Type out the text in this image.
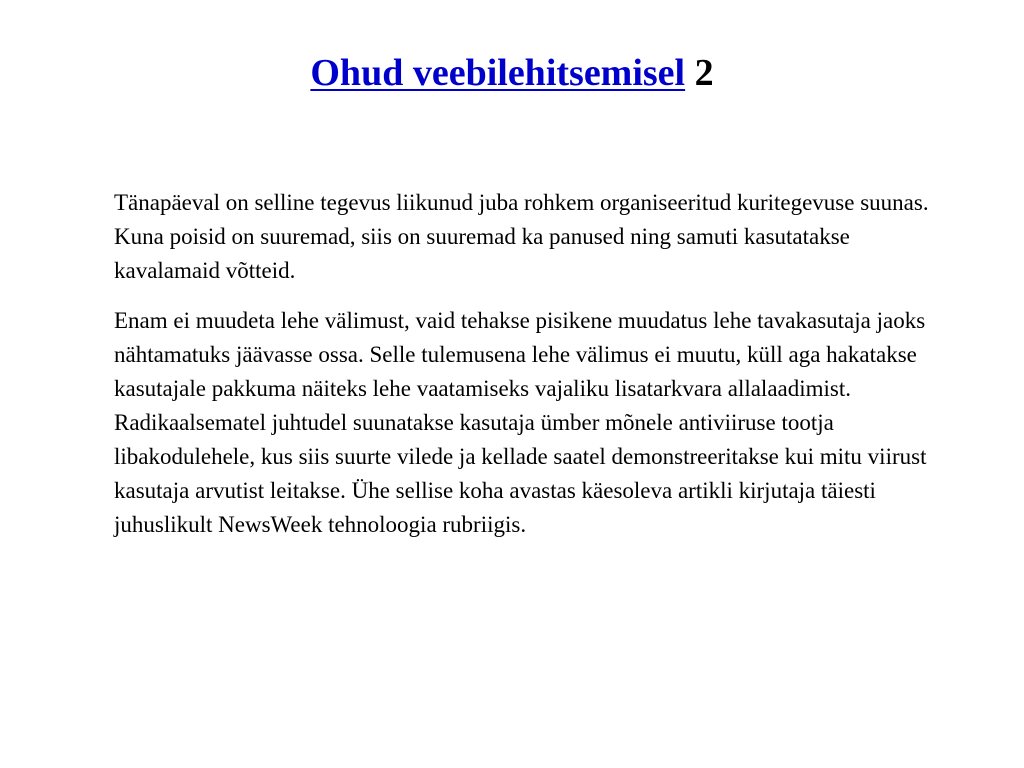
Ohud veebilehitsemisel 2

Tänapäeval on selline tegevus liikunud juba rohkem organiseeritud kuritegevuse suunas. Kuna poisid on suuremad, siis on suuremad ka panused ning samuti kasutatakse kavalamaid võtteid.

Enam ei muudeta lehe välimust, vaid tehakse pisikene muudatus lehe tavakasutaja jaoks nähtamatuks jäävasse ossa. Selle tulemusena lehe välimus ei muutu, küll aga hakatakse kasutajale pakkuma näiteks lehe vaatamiseks vajaliku lisatarkvara allalaadimist. Radikaalsematel juhtudel suunatakse kasutaja ümber mõnele antiviiruse tootja libakodulehele, kus siis suurte vilede ja kellade saatel demonstreeritakse kui mitu viirust kasutaja arvutist leitakse. Ühe sellise koha avastas käesoleva artikli kirjutaja täiesti juhuslikult NewsWeek tehnoloogia rubriigis.
